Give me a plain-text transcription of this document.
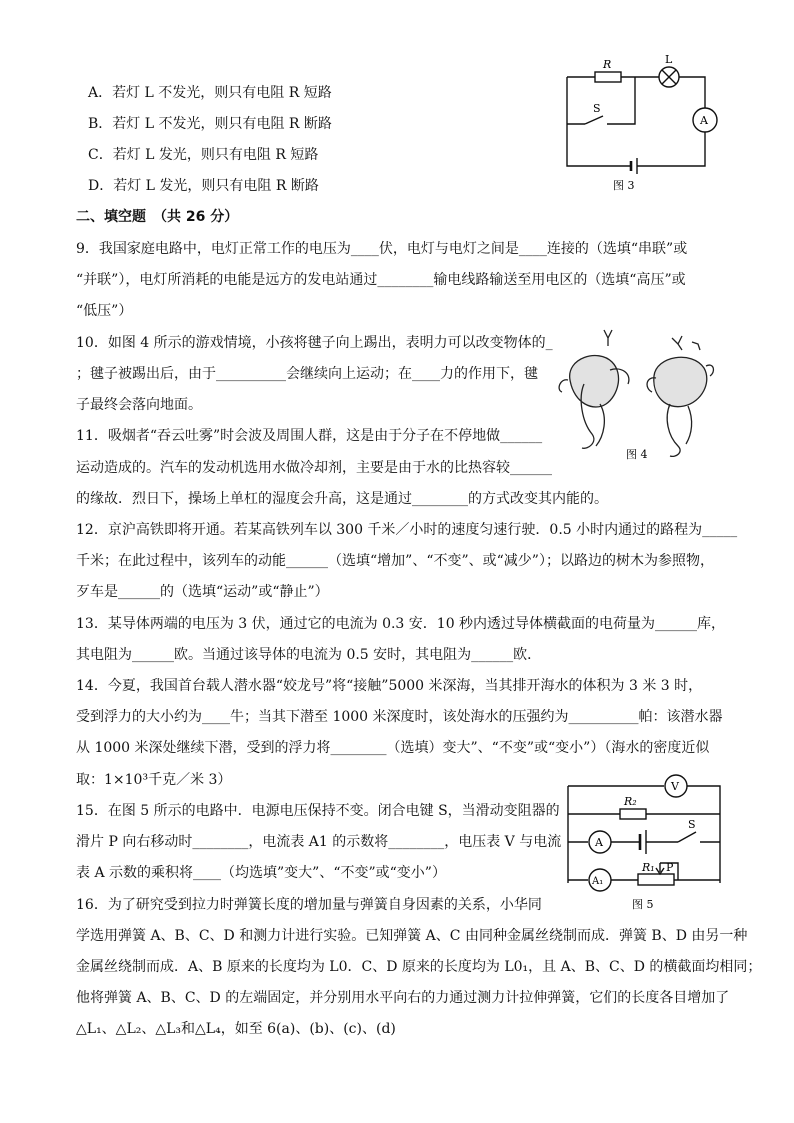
A．若灯 L 不发光，则只有电阻 R 短路
B．若灯 L 不发光，则只有电阻 R 断路
C．若灯 L 发光，则只有电阻 R 短路
D．若灯 L 发光，则只有电阻 R 断路
R	L
A
S
图 3
二、填空题　（共 26 分）
9．我国家庭电路中，电灯正常工作的电压为____伏，电灯与电灯之间是____连接的（选填“串联”或
“并联”），电灯所消耗的电能是远方的发电站通过________输电线路输送至用电区的（选填“高压”或
“低压”）
10．如图 4 所示的游戏情境，小孩将毽子向上踢出，表明力可以改变物体的_
；毽子被踢出后，由于__________会继续向上运动；在____力的作用下，毽
子最终会落向地面。
图 4
11．吸烟者“吞云吐雾”时会波及周围人群，这是由于分子在不停地做______
运动造成的。汽车的发动机选用水做冷却剂，主要是由于水的比热容较______
的缘故．烈日下，操场上单杠的湿度会升高，这是通过________的方式改变其内能的。
12．京沪高铁即将开通。若某高铁列车以 300 千米／小时的速度匀速行驶．0.5 小时内通过的路程为_____
千米；在此过程中，该列车的动能______（选填“增加”、“不变”、或“减少”）；以路边的树木为参照物，
歹车是______的（选填“运动”或“静止”）
13．某导体两端的电压为 3 伏，通过它的电流为 0.3 安．10 秒内透过导体横截面的电荷量为______库，
其电阻为______欧。当通过该导体的电流为 0.5 安时，其电阻为______欧．
14．今夏，我国首台载人潜水器“姣龙号”将“接触”5000 米深海，当其排开海水的体积为 3 米 3 时，
受到浮力的大小约为____牛；当其下潜至 1000 米深度时，该处海水的压强约为__________帕：该潜水器
从 1000 米深处继续下潜，受到的浮力将________（选填）变大”、“不变”或“变小”）（海水的密度近似
取：1×10³千克／米 3）	V
R₂
A
S
R₁ P
A₁
图 5
15．在图 5 所示的电路中．电源电压保持不变。闭合电键 S，当滑动变阻器的
滑片 P 向右移动时________，电流表 A1 的示数将________，电压表 V 与电流
表 A 示数的乘积将____（均选填”变大”、“不变”或“变小”）
16．为了研究受到拉力时弹簧长度的增加量与弹簧自身因素的关系，小华同
学选用弹簧 A、B、C、D 和测力计进行实验。已知弹簧 A、C 由同种金属丝绕制而成．弹簧 B、D 由另一种
金属丝绕制而成．A、B 原来的长度均为 L0．C、D 原来的长度均为 L0₁，且 A、B、C、D 的横截面均相同；
他将弹簧 A、B、C、D 的左端固定，并分别用水平向右的力通过测力计拉伸弹簧，它们的长度各目增加了
△L₁、△L₂、△L₃和△L₄，如至 6(a)、(b)、(c)、(d)
